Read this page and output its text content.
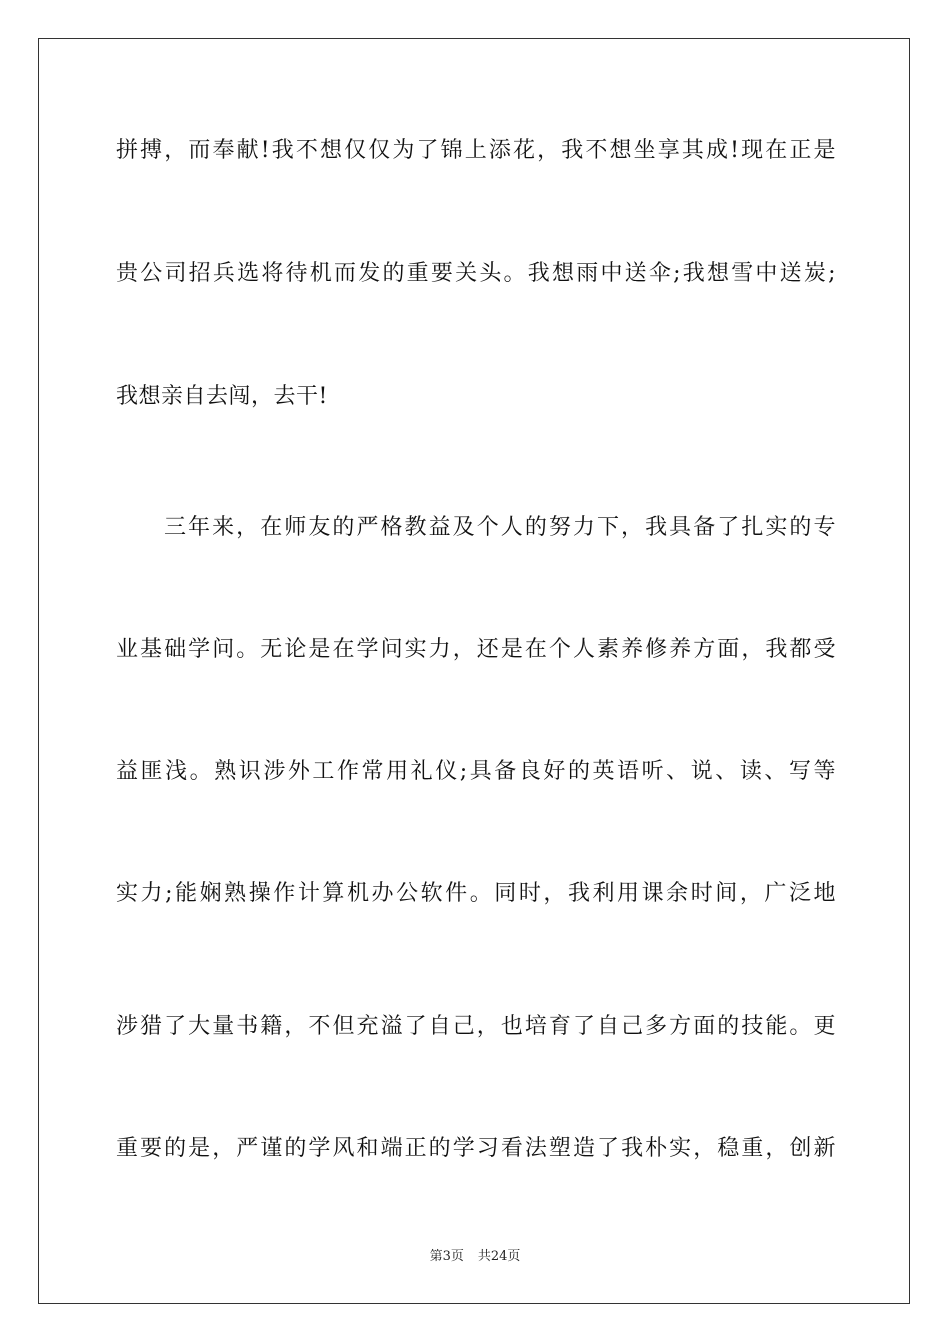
拼搏，而奉献!我不想仅仅为了锦上添花，我不想坐享其成!现在正是
贵公司招兵选将待机而发的重要关头。我想雨中送伞;我想雪中送炭;
我想亲自去闯，去干!
三年来，在师友的严格教益及个人的努力下，我具备了扎实的专
业基础学问。无论是在学问实力，还是在个人素养修养方面，我都受
益匪浅。熟识涉外工作常用礼仪;具备良好的英语听、说、读、写等
实力;能娴熟操作计算机办公软件。同时，我利用课余时间，广泛地
涉猎了大量书籍，不但充溢了自己，也培育了自己多方面的技能。更
重要的是，严谨的学风和端正的学习看法塑造了我朴实，稳重，创新
第3页 共24页
